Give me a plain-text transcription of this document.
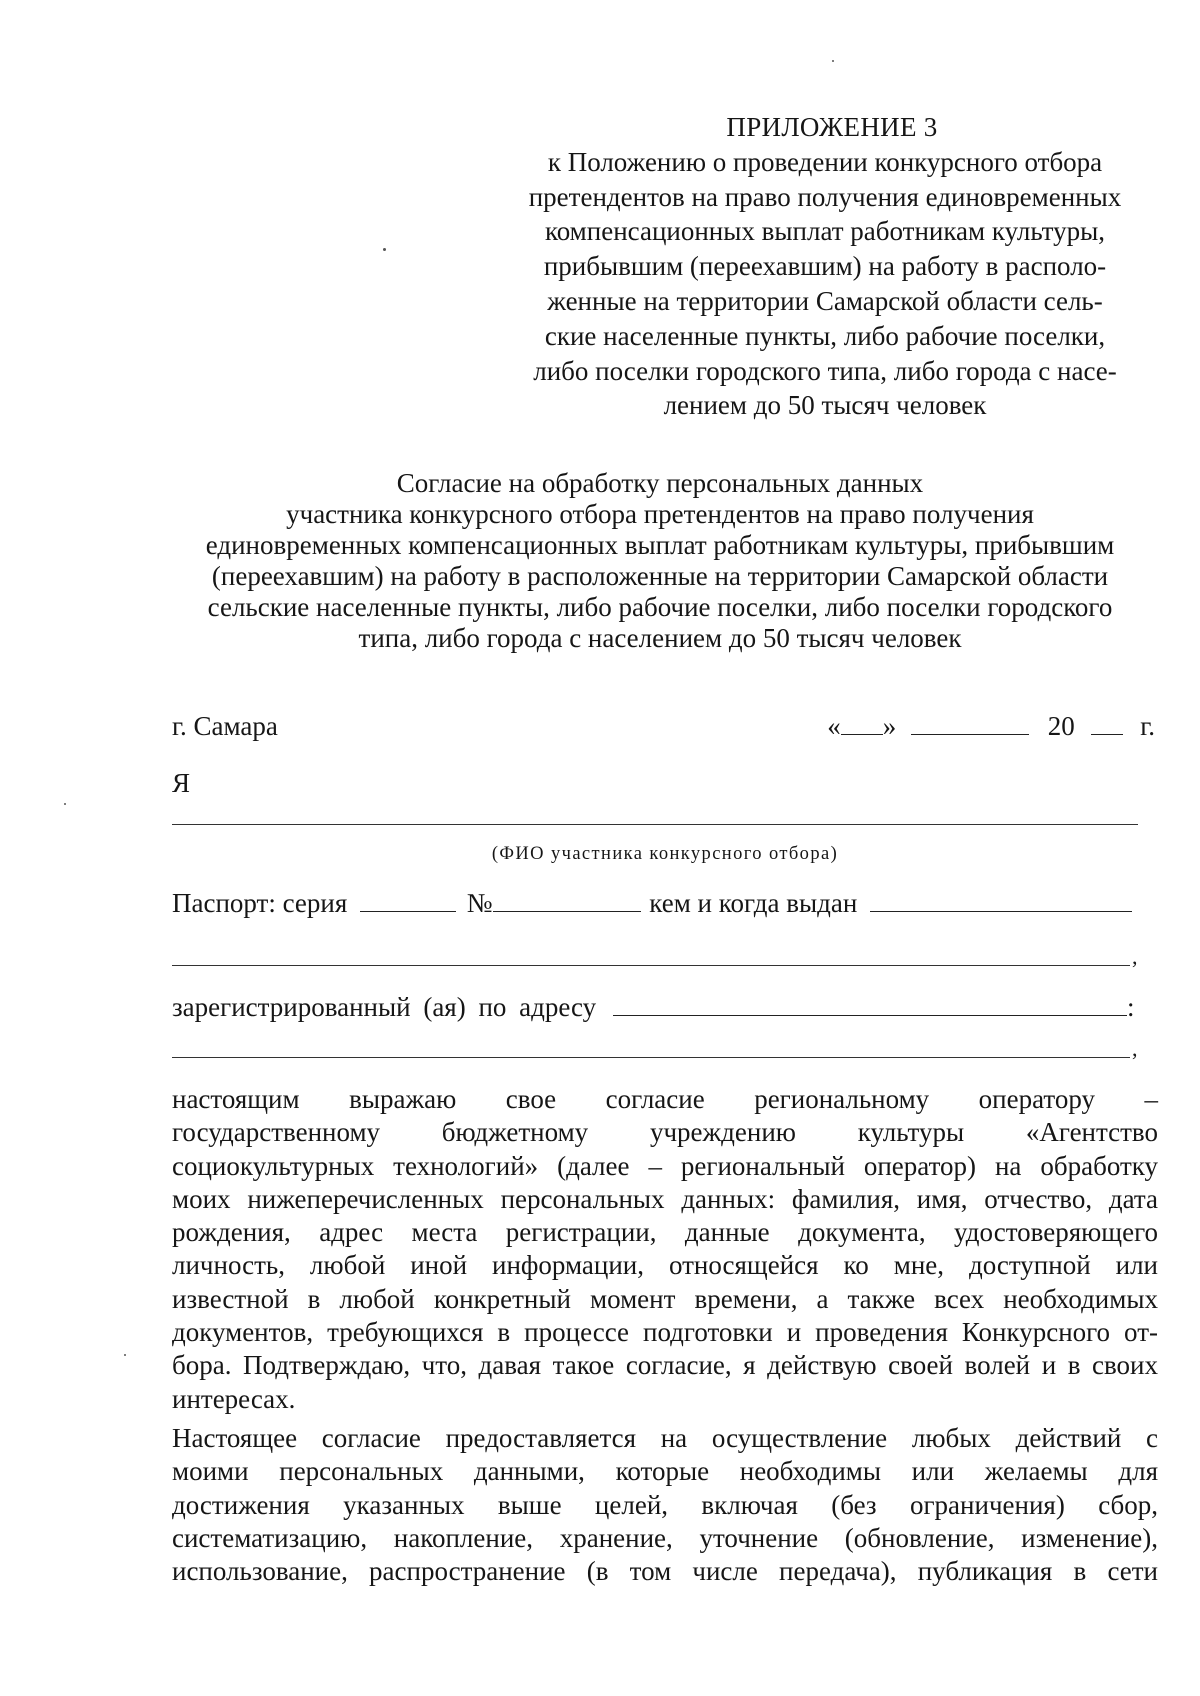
ПРИЛОЖЕНИЕ 3
к Положению о проведении конкурсного отбора
претендентов на право получения единовременных
компенсационных выплат работникам культуры,
прибывшим (переехавшим) на работу в располо-
женные на территории Самарской области сель-
ские населенные пункты, либо рабочие поселки,
либо поселки городского типа, либо города с насе-
лением до 50 тысяч человек
Согласие на обработку персональных данных
участника конкурсного отбора претендентов на право получения
единовременных компенсационных выплат работникам культуры, прибывшим
(переехавшим) на работу в расположенные на территории Самарской области
сельские населенные пункты, либо рабочие поселки, либо поселки городского
типа, либо города с населением до 50 тысяч человек
г. Самара	« »	20 г.
Я
(ФИО участника конкурсного отбора)
Паспорт: серия	№	кем и когда выдан
,
зарегистрированный (ая) по адресу	:
,
настоящим выражаю свое согласие региональному оператору –
государственному бюджетному учреждению культуры «Агентство
социокультурных технологий» (далее – региональный оператор) на обработку
моих нижеперечисленных персональных данных: фамилия, имя, отчество, дата
рождения, адрес места регистрации, данные документа, удостоверяющего
личность, любой иной информации, относящейся ко мне, доступной или
известной в любой конкретный момент времени, а также всех необходимых
документов, требующихся в процессе подготовки и проведения Конкурсного от-
бора. Подтверждаю, что, давая такое согласие, я действую своей волей и в своих
интересах.
Настоящее согласие предоставляется на осуществление любых действий с
моими персональных данными, которые необходимы или желаемы для
достижения указанных выше целей, включая (без ограничения) сбор,
систематизацию, накопление, хранение, уточнение (обновление, изменение),
использование, распространение (в том числе передача), публикация в сети
